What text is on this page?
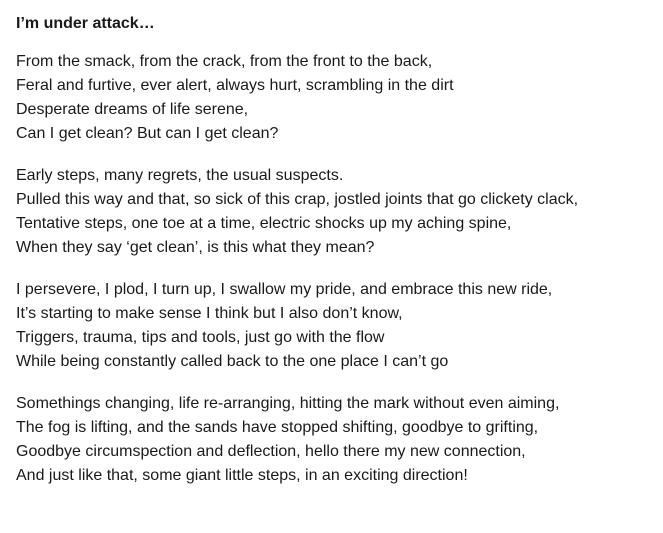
I’m under attack…
From the smack, from the crack, from the front to the back,
Feral and furtive, ever alert, always hurt, scrambling in the dirt
Desperate dreams of life serene,
Can I get clean? But can I get clean?
Early steps, many regrets, the usual suspects.
Pulled this way and that, so sick of this crap, jostled joints that go clickety clack,
Tentative steps, one toe at a time, electric shocks up my aching spine,
When they say ‘get clean’, is this what they mean?
I persevere, I plod, I turn up, I swallow my pride, and embrace this new ride,
It’s starting to make sense I think but I also don’t know,
Triggers, trauma, tips and tools, just go with the flow
While being constantly called back to the one place I can’t go
Somethings changing, life re-arranging, hitting the mark without even aiming,
The fog is lifting, and the sands have stopped shifting, goodbye to grifting,
Goodbye circumspection and deflection, hello there my new connection,
And just like that, some giant little steps, in an exciting direction!
